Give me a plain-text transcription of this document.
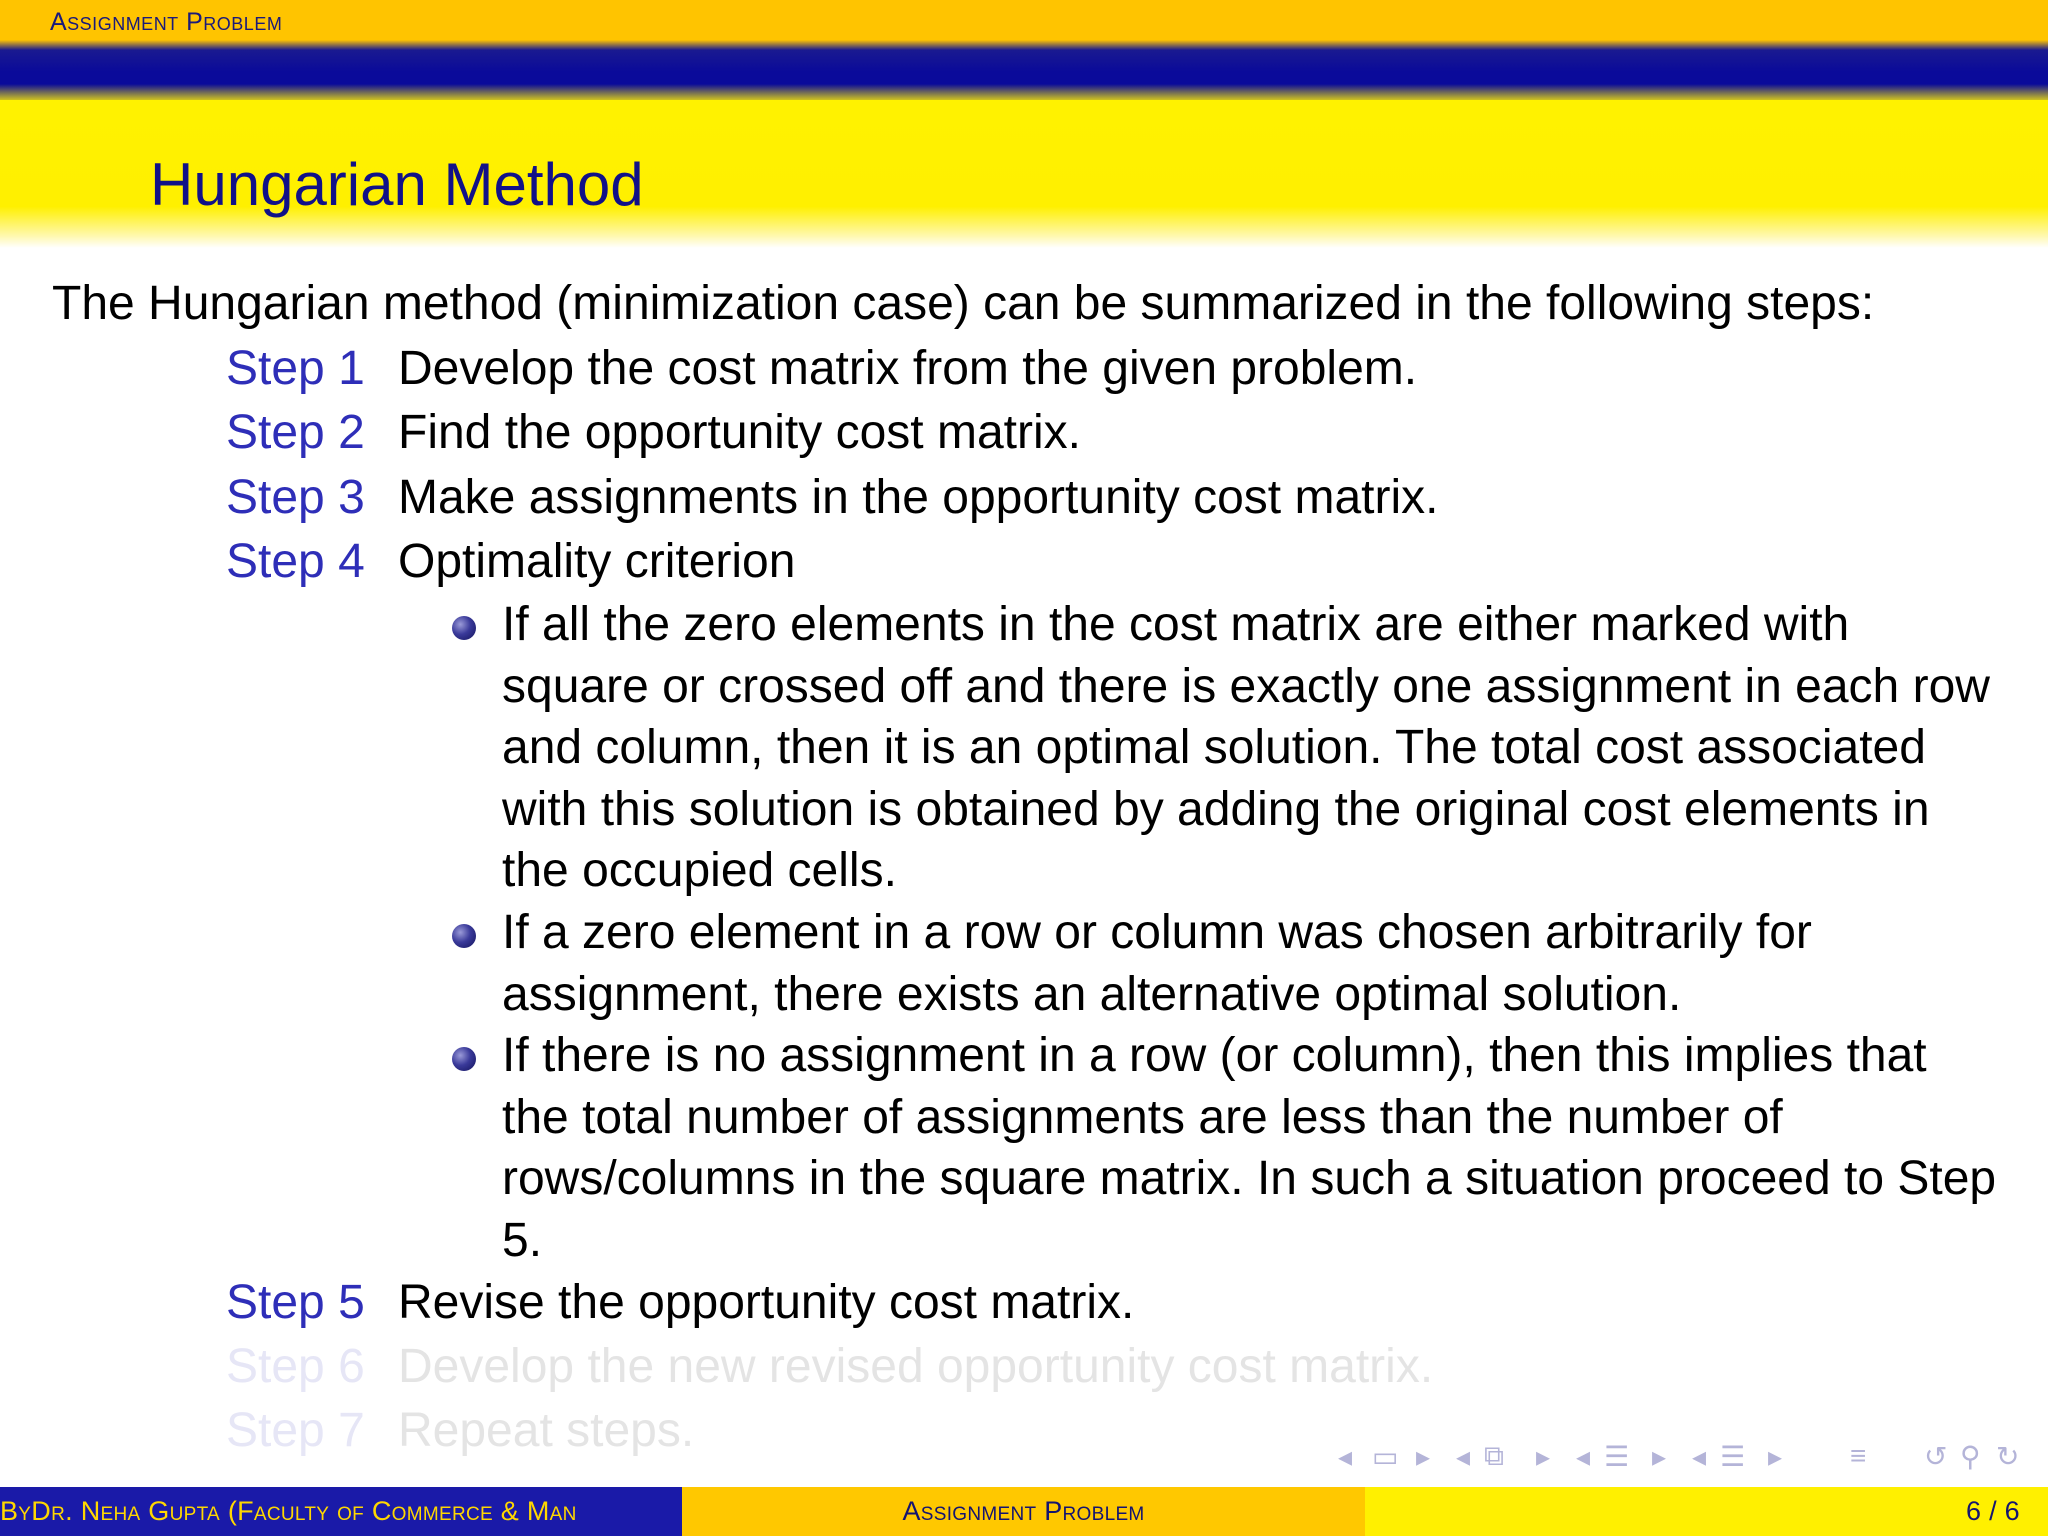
Assignment Problem
Hungarian Method
The Hungarian method (minimization case) can be summarized in the following steps:
Step 1 Develop the cost matrix from the given problem.
Step 2 Find the opportunity cost matrix.
Step 3 Make assignments in the opportunity cost matrix.
Step 4 Optimality criterion
If all the zero elements in the cost matrix are either marked with square or crossed off and there is exactly one assignment in each row and column, then it is an optimal solution. The total cost associated with this solution is obtained by adding the original cost elements in the occupied cells.
If a zero element in a row or column was chosen arbitrarily for assignment, there exists an alternative optimal solution.
If there is no assignment in a row (or column), then this implies that the total number of assignments are less than the number of rows/columns in the square matrix. In such a situation proceed to Step 5.
Step 5 Revise the opportunity cost matrix.
Step 6 Develop the new revised opportunity cost matrix.
Step 7 Repeat steps.	◂ ▭ ▸ ◂ ⧉ ▸ ◂ ☰ ▸ ◂ ☰ ▸ ≡ ↺ ⚲ ↻
ByDr. Neha Gupta (Faculty of Commerce & Man	Assignment Problem	6 / 6
